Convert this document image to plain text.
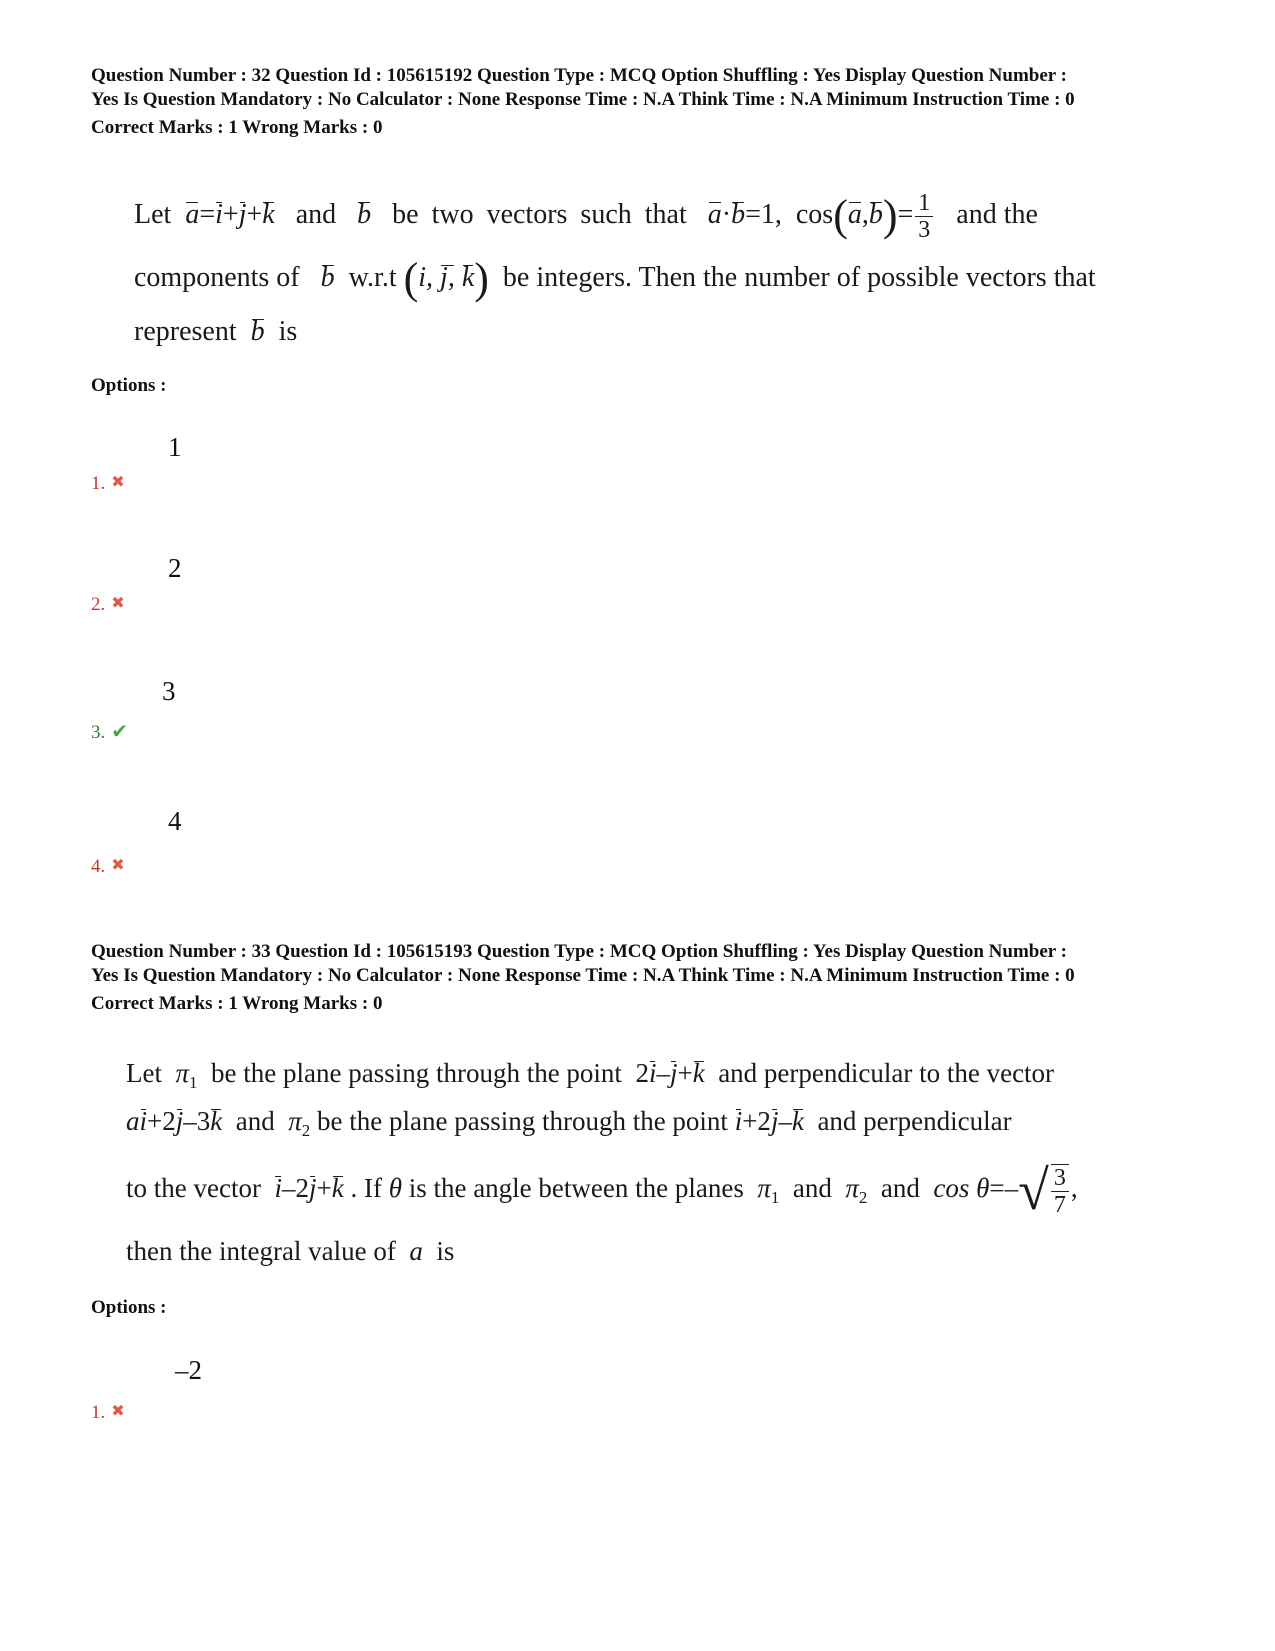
Question Number : 32 Question Id : 105615192 Question Type : MCQ Option Shuffling : Yes Display Question Number :
Yes Is Question Mandatory : No Calculator : None Response Time : N.A Think Time : N.A Minimum Instruction Time : 0
Correct Marks : 1 Wrong Marks : 0
Let a=i+j+k and b be two vectors such that a·b=1, $\cos(a,b)= \frac{1}{3}$ and the
components of b w.r.t (i, j, k) be integers. Then the number of possible vectors that
represent b is
Options :
1
1. ✖
2
2. ✖
3
3. ✔
4
4. ✖
Question Number : 33 Question Id : 105615193 Question Type : MCQ Option Shuffling : Yes Display Question Number :
Yes Is Question Mandatory : No Calculator : None Response Time : N.A Think Time : N.A Minimum Instruction Time : 0
Correct Marks : 1 Wrong Marks : 0
Let $\pi_1$ be the plane passing through the point 2i–j+k and perpendicular to the vector
ai+2j–3k and $\pi_2$ be the plane passing through the point i+2j–k and perpendicular
to the vector i–2j+k . If θ is the angle between the planes $\pi_1$ and $\pi_2$ and $\cos \theta=-√ \frac{3}{7}$ ,
then the integral value of a is
Options :
–2
1. ✖
